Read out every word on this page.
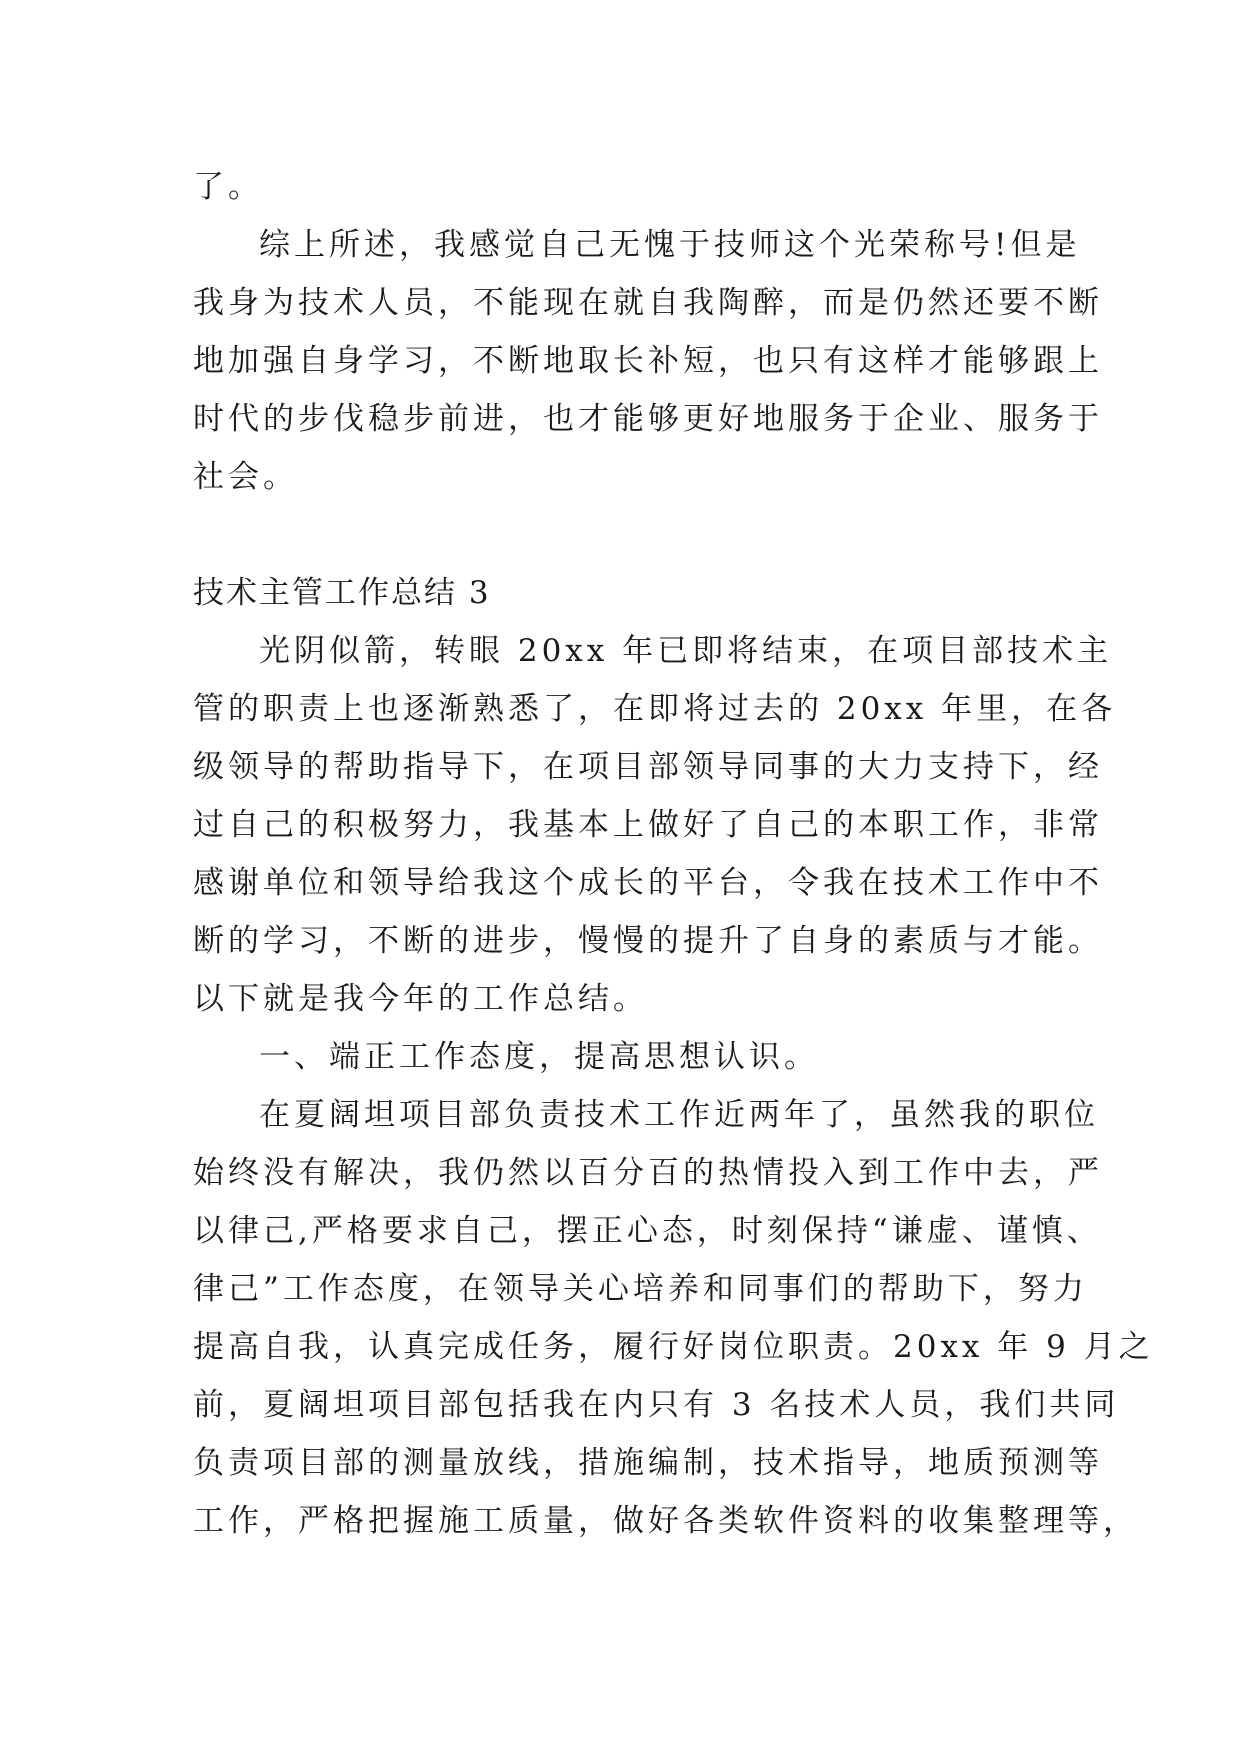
了。
综上所述，我感觉自己无愧于技师这个光荣称号!但是
我身为技术人员，不能现在就自我陶醉，而是仍然还要不断
地加强自身学习，不断地取长补短，也只有这样才能够跟上
时代的步伐稳步前进，也才能够更好地服务于企业、服务于
社会。
技术主管工作总结 3
光阴似箭，转眼 20xx 年已即将结束，在项目部技术主
管的职责上也逐渐熟悉了，在即将过去的 20xx 年里，在各
级领导的帮助指导下，在项目部领导同事的大力支持下，经
过自己的积极努力，我基本上做好了自己的本职工作，非常
感谢单位和领导给我这个成长的平台，令我在技术工作中不
断的学习，不断的进步，慢慢的提升了自身的素质与才能。
以下就是我今年的工作总结。
一、端正工作态度，提高思想认识。
在夏阔坦项目部负责技术工作近两年了，虽然我的职位
始终没有解决，我仍然以百分百的热情投入到工作中去，严
以律己,严格要求自己，摆正心态，时刻保持“谦虚、谨慎、
律己”工作态度，在领导关心培养和同事们的帮助下，努力
提高自我，认真完成任务，履行好岗位职责。20xx 年 9 月之
前，夏阔坦项目部包括我在内只有 3 名技术人员，我们共同
负责项目部的测量放线，措施编制，技术指导，地质预测等
工作，严格把握施工质量，做好各类软件资料的收集整理等，
